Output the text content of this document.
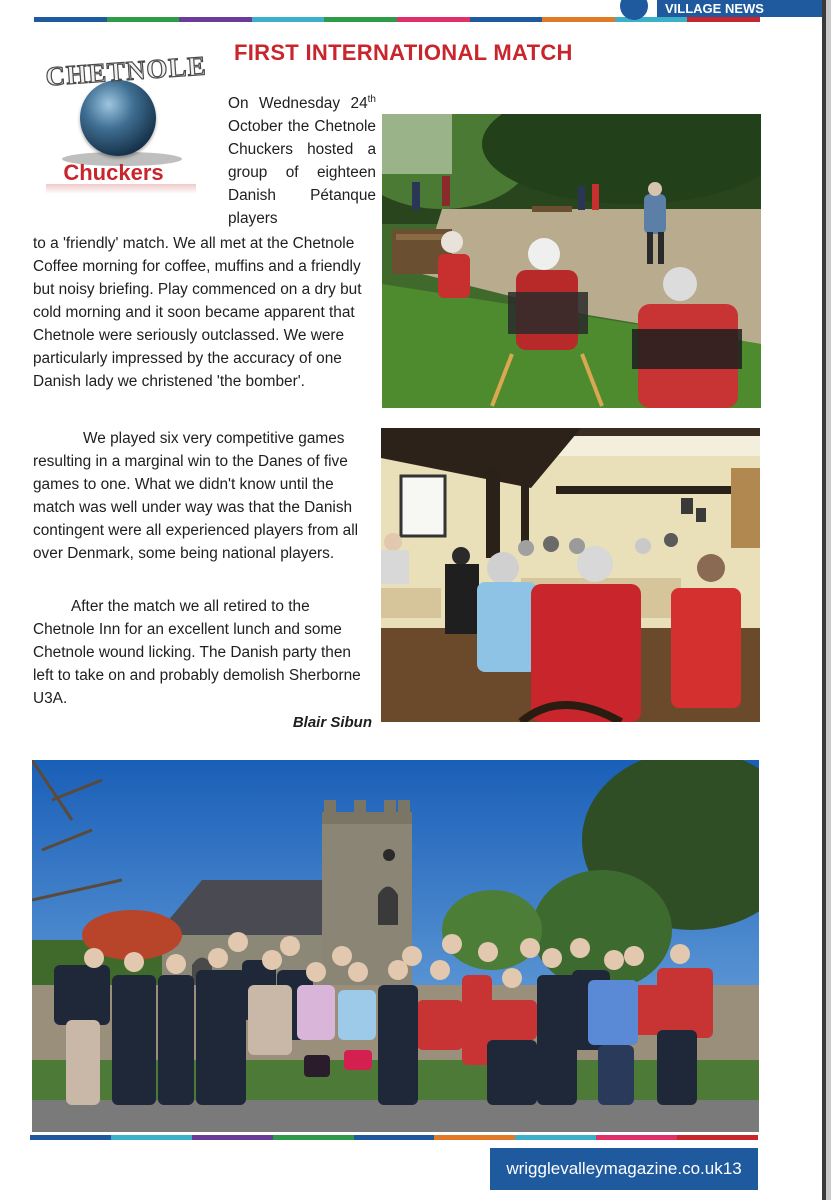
VILLAGE NEWS
CHETNOLE
Chuckers
FIRST INTERNATIONAL MATCH

On Wednesday 24th October the Chetnole Chuckers hosted a group of eighteen Danish Pétanque players

to a 'friendly' match. We all met at the Chetnole Coffee morning for coffee, muffins and a friendly but noisy briefing. Play commenced on a dry but cold morning and it soon became apparent that Chetnole were seriously outclassed. We were particularly impressed by the accuracy of one Danish lady we christened 'the bomber'.

We played six very competitive games resulting in a marginal win to the Danes of five games to one. What we didn't know until the match was well under way was that the Danish contingent were all experienced players from all over Denmark, some being national players.

After the match we all retired to the Chetnole Inn for an excellent lunch and some Chetnole wound licking. The Danish party then left to take on and probably demolish Sherborne U3A.

Blair Sibun
wrigglevalleymagazine.co.uk 13
